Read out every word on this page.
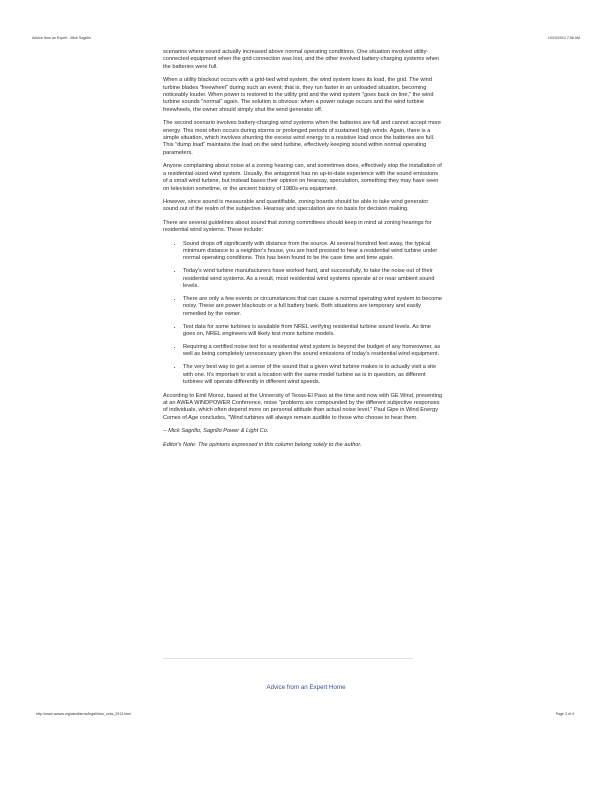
Advice from an Expert - Mick Sagrillo	10/10/2012 7:56 AM

scenarios where sound actually increased above normal operating conditions. One situation involved utility-connected equipment when the grid connection was lost, and the other involved battery-charging systems when the batteries were full.

When a utility blackout occurs with a grid-tied wind system, the wind system loses its load, the grid. The wind turbine blades "freewheel" during such an event; that is, they run faster in an unloaded situation, becoming noticeably louder. When power is restored to the utility grid and the wind system "goes back on line," the wind turbine sounds "normal" again. The solution is obvious: when a power outage occurs and the wind turbine freewheels, the owner should simply shut the wind generator off.

The second scenario involves battery-charging wind systems when the batteries are full and cannot accept more energy. This most often occurs during storms or prolonged periods of sustained high winds. Again, there is a simple situation, which involves shunting the excess wind energy to a resistive load once the batteries are full. This "dump load" maintains the load on the wind turbine, effectively keeping sound within normal operating parameters.

Anyone complaining about noise at a zoning hearing can, and sometimes does, effectively stop the installation of a residential-sized wind system. Usually, the antagonist has no up-to-date experience with the sound emissions of a small wind turbine, but instead bases their opinion on hearsay, speculation, something they may have seen on television sometime, or the ancient history of 1980s-era equipment.

However, since sound is measurable and quantifiable, zoning boards should be able to take wind generator sound out of the realm of the subjective. Hearsay and speculation are no basis for decision making.

There are several guidelines about sound that zoning committees should keep in mind at zoning hearings for residential wind systems. These include:

• Sound drops off significantly with distance from the source. At several hundred feet away, the typical minimum distance to a neighbor's house, you are hard pressed to hear a residential wind turbine under normal operating conditions. This has been found to be the case time and time again.
• Today's wind turbine manufacturers have worked hard, and successfully, to take the noise out of their residential wind systems. As a result, most residential wind systems operate at or near ambient sound levels.
• There are only a few events or circumstances that can cause a normal operating wind system to become noisy. These are power blackouts or a full battery bank. Both situations are temporary and easily remedied by the owner.
• Test data for some turbines is available from NREL verifying residential turbine sound levels. As time goes on, NREL engineers will likely test more turbine models.
• Requiring a certified noise test for a residential wind system is beyond the budget of any homeowner, as well as being completely unnecessary given the sound emissions of today's residential wind equipment.
• The very best way to get a sense of the sound that a given wind turbine makes is to actually visit a site with one. It's important to visit a location with the same model turbine as is in question, as different turbines will operate differently in different wind speeds.

According to Emil Moroz, based at the University of Texas-El Paso at the time and now with GE Wind, presenting at an AWEA WINDPOWER Conference, noise "problems are compounded by the different subjective responses of individuals, which often depend more on personal attitude than actual noise level." Paul Gipe in Wind Energy Comes of Age concludes, "Wind turbines will always remain audible to those who choose to hear them.

-- Mick Sagrillo, Sagrillo Power & Light Co.

Editor's Note: The opinions expressed in this column belong solely to the author.

Advice from an Expert Home
http://www.wwww.org/windfarms/legal/Irian_ocks_2913.html	Page 3 of 4
